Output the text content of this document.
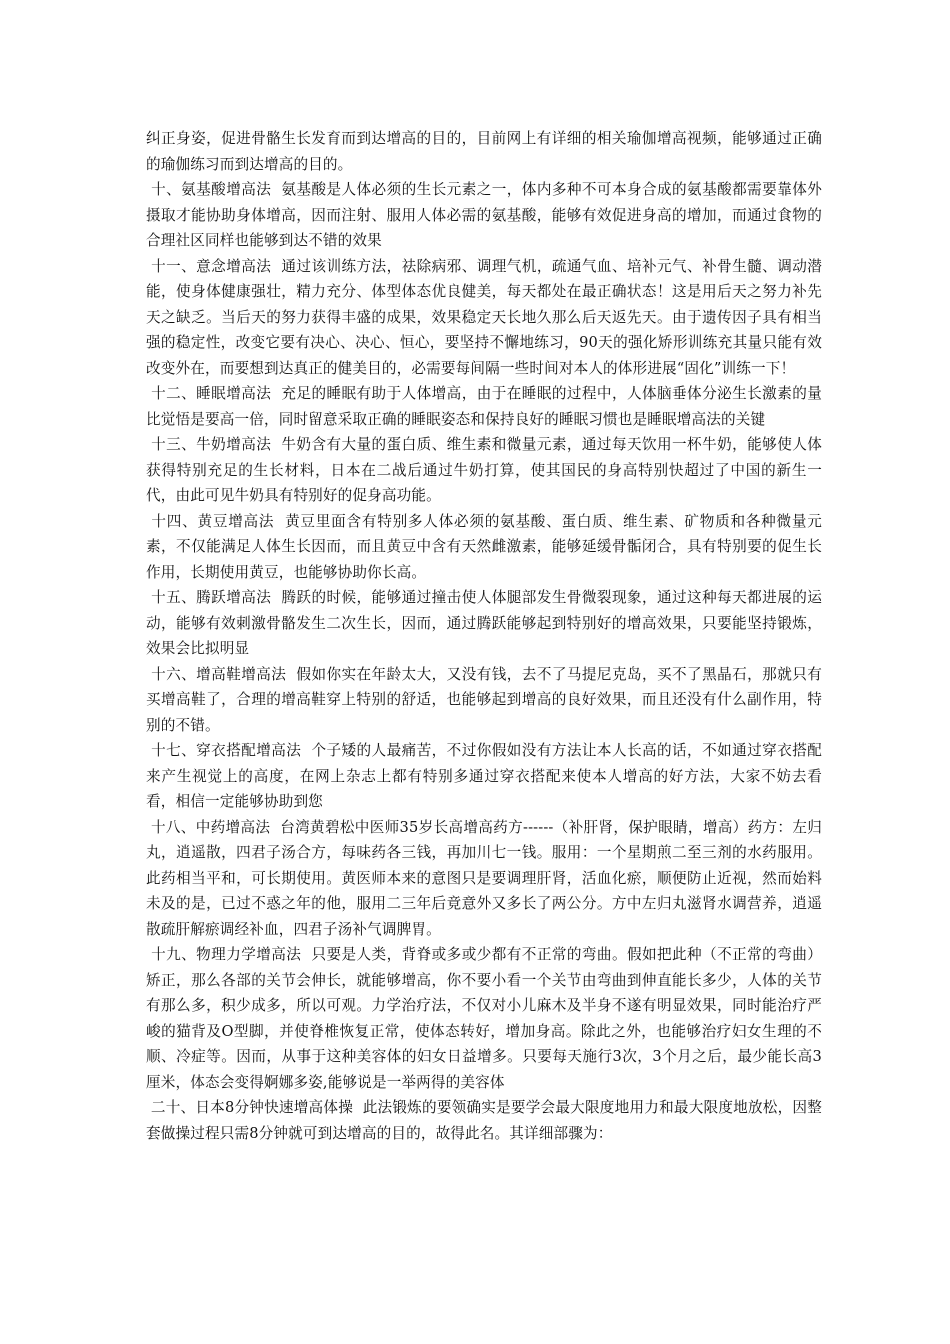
纠正身姿，促进骨骼生长发育而到达增高的目的，目前网上有详细的相关瑜伽增高视频，能够通过正确的瑜伽练习而到达增高的目的。

十、氨基酸增高法  氨基酸是人体必须的生长元素之一，体内多种不可本身合成的氨基酸都需要靠体外摄取才能协助身体增高，因而注射、服用人体必需的氨基酸，能够有效促进身高的增加，而通过食物的合理社区同样也能够到达不错的效果

十一、意念增高法  通过该训练方法，祛除病邪、调理气机，疏通气血、培补元气、补骨生髓、调动潜能，使身体健康强壮，精力充分、体型体态优良健美，每天都处在最正确状态！这是用后天之努力补先天之缺乏。当后天的努力获得丰盛的成果，效果稳定天长地久那么后天返先天。由于遗传因子具有相当强的稳定性，改变它要有决心、决心、恒心，要坚持不懈地练习，90天的强化矫形训练充其量只能有效改变外在，而要想到达真正的健美目的，必需要每间隔一些时间对本人的体形进展“固化”训练一下！

十二、睡眠增高法  充足的睡眠有助于人体增高，由于在睡眠的过程中，人体脑垂体分泌生长激素的量比觉悟是要高一倍，同时留意采取正确的睡眠姿态和保持良好的睡眠习惯也是睡眠增高法的关键

十三、牛奶增高法  牛奶含有大量的蛋白质、维生素和微量元素，通过每天饮用一杯牛奶，能够使人体获得特别充足的生长材料，日本在二战后通过牛奶打算，使其国民的身高特别快超过了中国的新生一代，由此可见牛奶具有特别好的促身高功能。

十四、黄豆增高法  黄豆里面含有特别多人体必须的氨基酸、蛋白质、维生素、矿物质和各种微量元素，不仅能满足人体生长因而，而且黄豆中含有天然雌激素，能够延缓骨骺闭合，具有特别要的促生长作用，长期使用黄豆，也能够协助你长高。

十五、腾跃增高法  腾跃的时候，能够通过撞击使人体腿部发生骨微裂现象，通过这种每天都进展的运动，能够有效刺激骨骼发生二次生长，因而，通过腾跃能够起到特别好的增高效果，只要能坚持锻炼，效果会比拟明显

十六、增高鞋增高法  假如你实在年龄太大，又没有钱，去不了马提尼克岛，买不了黑晶石，那就只有买增高鞋了，合理的增高鞋穿上特别的舒适，也能够起到增高的良好效果，而且还没有什么副作用，特别的不错。

十七、穿衣搭配增高法  个子矮的人最痛苦，不过你假如没有方法让本人长高的话，不如通过穿衣搭配来产生视觉上的高度，在网上杂志上都有特别多通过穿衣搭配来使本人增高的好方法，大家不妨去看看，相信一定能够协助到您

十八、中药增高法  台湾黄碧松中医师35岁长高增高药方------（补肝肾，保护眼睛，增高）药方：左归丸，逍遥散，四君子汤合方，每味药各三钱，再加川七一钱。服用：一个星期煎二至三剂的水药服用。此药相当平和，可长期使用。黄医师本来的意图只是要调理肝肾，活血化瘀，顺便防止近视，然而始料未及的是，已过不惑之年的他，服用二三年后竟意外又多长了两公分。方中左归丸滋肾水调营养，逍遥散疏肝解瘀调经补血，四君子汤补气调脾胃。

十九、物理力学增高法  只要是人类，背脊或多或少都有不正常的弯曲。假如把此种（不正常的弯曲）矫正，那么各部的关节会伸长，就能够增高，你不要小看一个关节由弯曲到伸直能长多少，人体的关节有那么多，积少成多，所以可观。力学治疗法，不仅对小儿麻木及半身不遂有明显效果，同时能治疗严峻的猫背及O型脚，并使脊椎恢复正常，使体态转好，增加身高。除此之外，也能够治疗妇女生理的不顺、冷症等。因而，从事于这种美容体的妇女日益增多。只要每天施行3次，3个月之后，最少能长高3厘米，体态会变得婀娜多姿,能够说是一举两得的美容体

二十、日本8分钟快速增高体操  此法锻炼的要领确实是要学会最大限度地用力和最大限度地放松，因整套做操过程只需8分钟就可到达增高的目的，故得此名。其详细部骤为：
